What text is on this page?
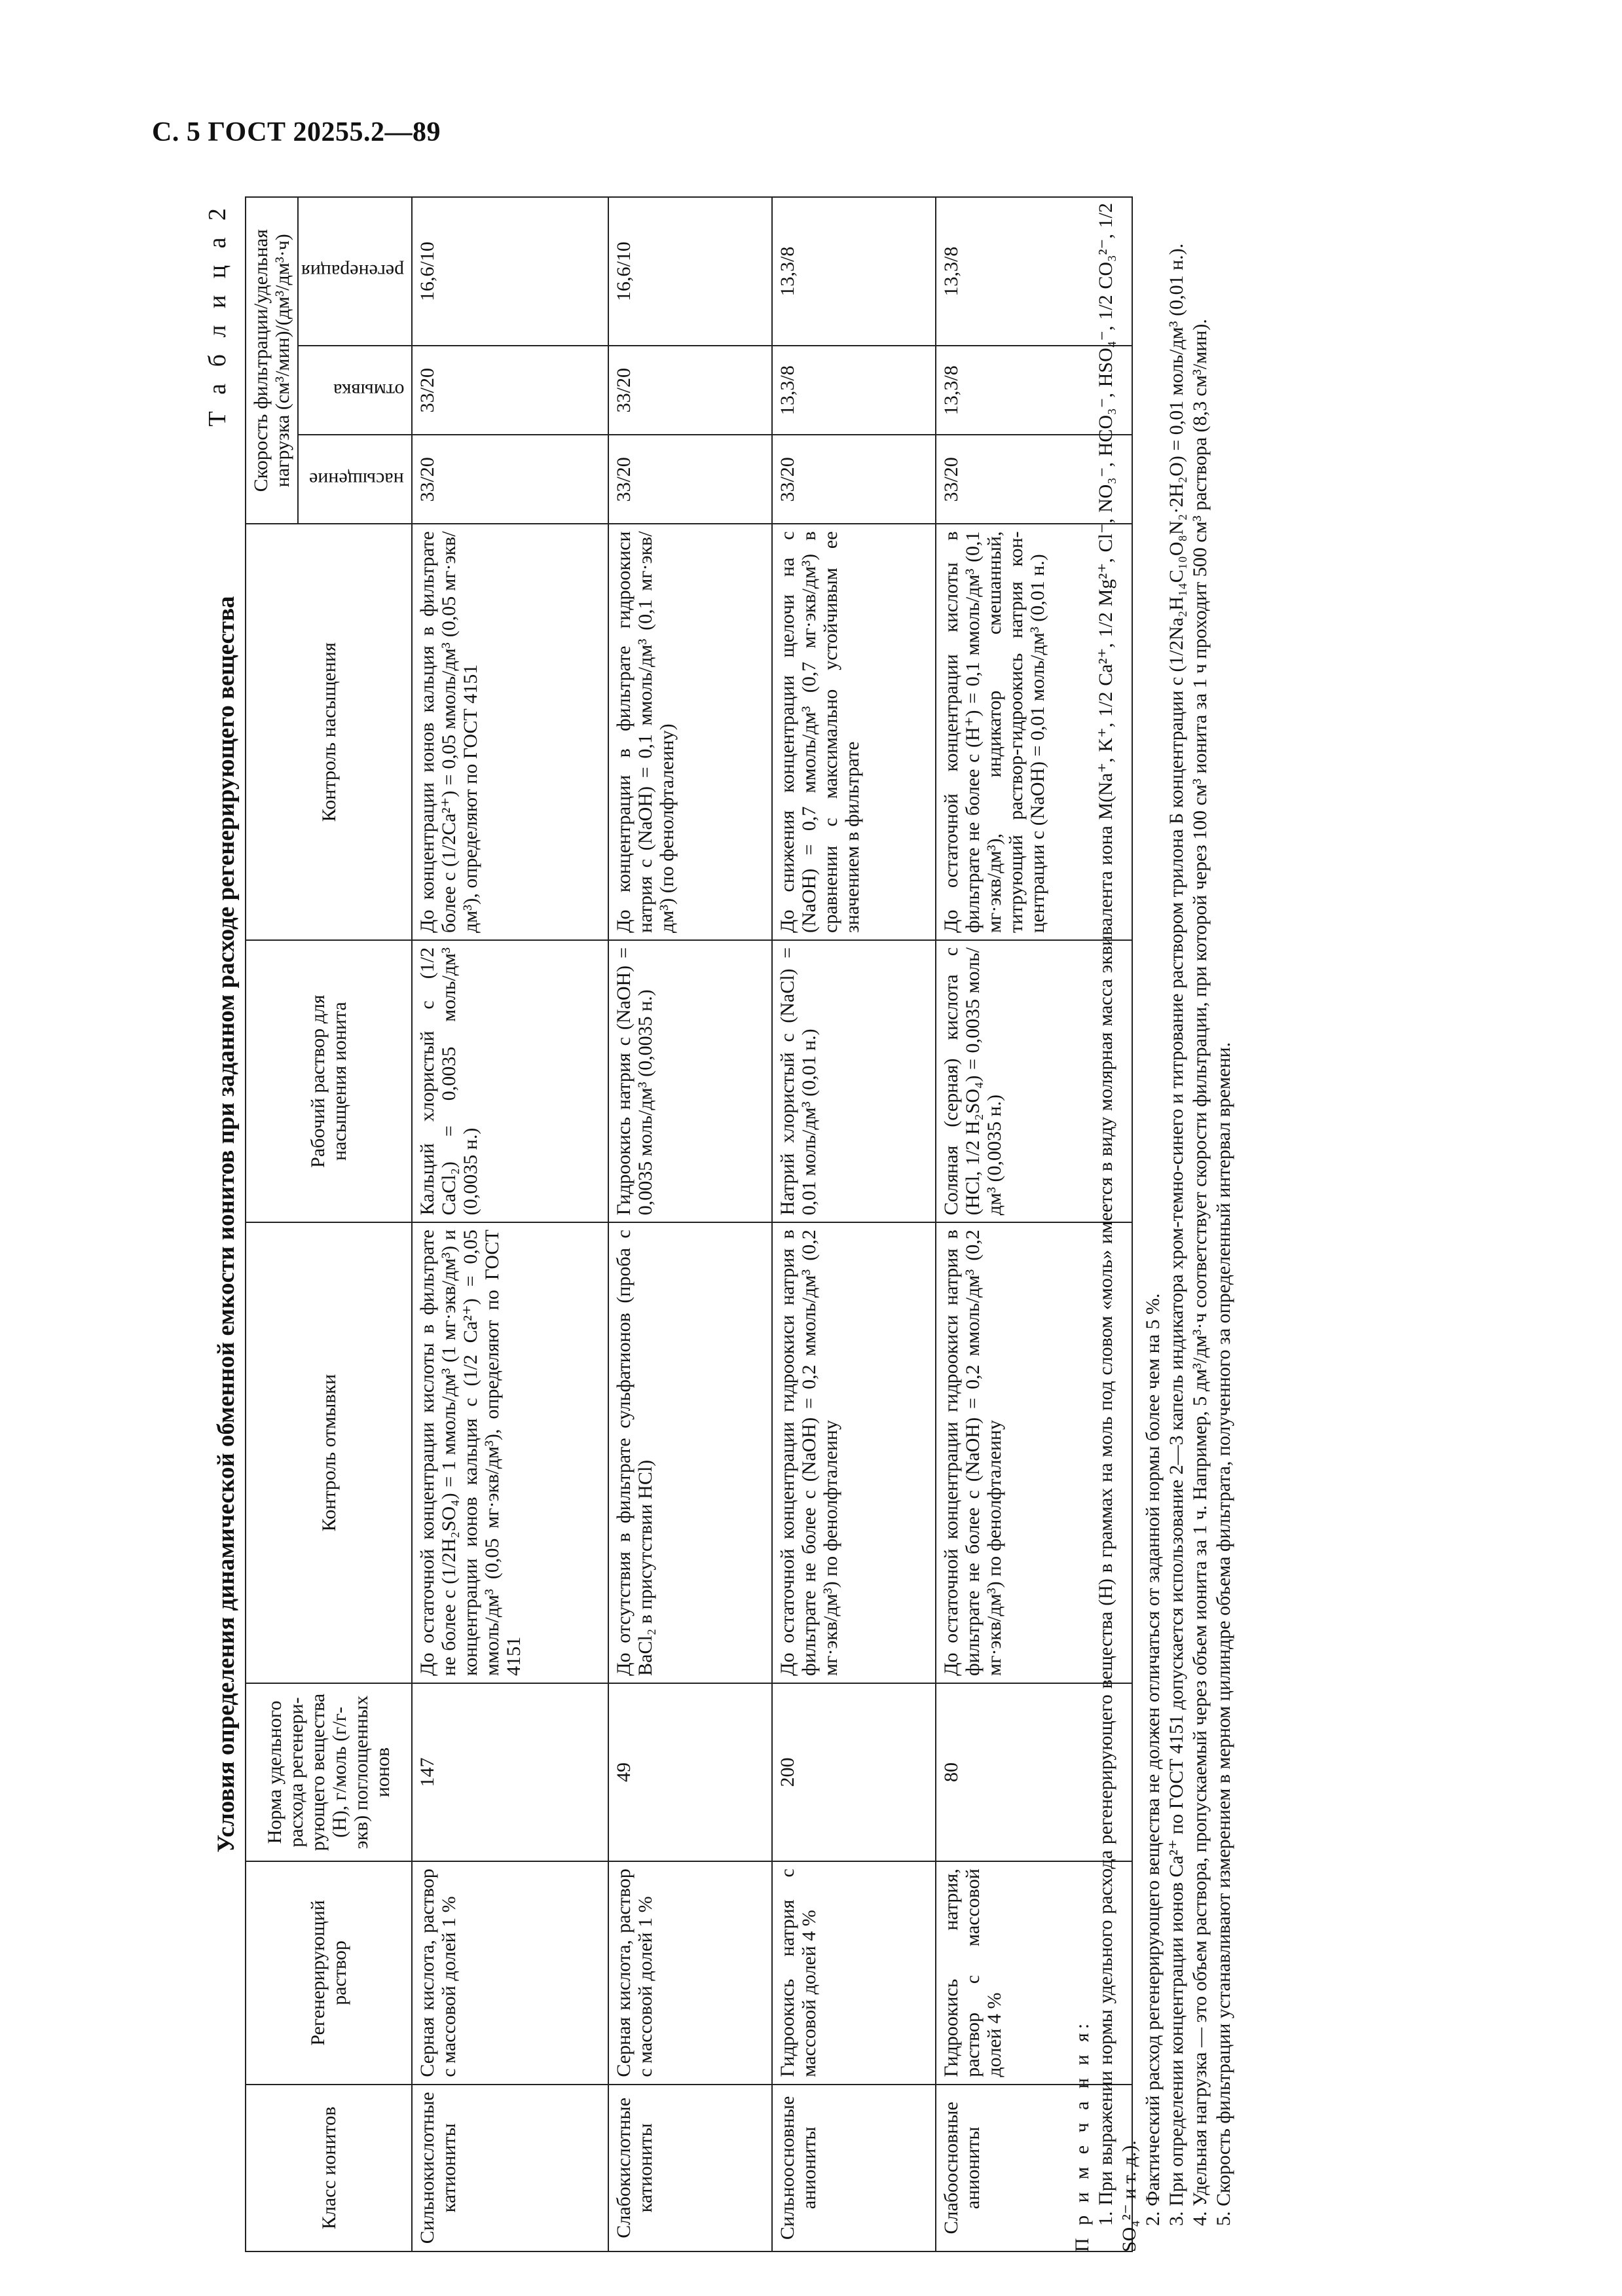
С. 5 ГОСТ 20255.2—89
Т а б л и ц а 2
Условия определения динамической обменной емкости ионитов при заданном расходе регенерирующего вещества
Класс ионитов	Регенерирующий раствор	Норма удельного расхода регенерирующего вещества (Н), г/моль (г/г-экв) поглощенных ионов	Контроль отмывки	Рабочий раствор для насыщения ионита	Контроль насыщения	Скорость фильтрации/удельная нагрузка (см³/мин)/(дм³/дм³·ч)		
						насыщение	отмывка	регенерация
Сильнокислотные катиониты	Серная кислота, раствор с массовой долей 1 %	147	До остаточной концентрации кислоты в фильтрате не более с (1/2H₂SO₄) = 1 ммоль/дм³ (1 мг·экв/дм³) и концентрации ионов кальция с (1/2 Ca²⁺) = 0,05 ммоль/дм³ (0,05 мг·экв/дм³), определяют по ГОСТ 4151	Кальций хлористый с (1/2 CaCl₂) = 0,0035 моль/дм³ (0,0035 н.)	До концентрации ионов кальция в фильтрате более с (1/2Ca²⁺) = 0,05 ммоль/дм³ (0,05 мг·экв/дм³), определяют по ГОСТ 4151	33/20	33/20	16,6/10
Слабокислотные катиониты	Серная кислота, раствор с массовой долей 1 %	49	До отсутствия в фильтрате сульфатионов (проба с BaCl₂ в присутствии HCl)	Гидроокись натрия с (NaOH) = 0,0035 моль/дм³ (0,0035 н.)	До концентрации в фильтрате гидроокиси натрия с (NaOH) = 0,1 ммоль/дм³ (0,1 мг·экв/дм³) (по фенолфталеину)	33/20	33/20	16,6/10
Сильноосновные аниониты	Гидроокись натрия с массовой долей 4 %	200	До остаточной концентрации гидроокиси натрия в фильтрате не более с (NaOH) = 0,2 ммоль/дм³ (0,2 мг·экв/дм³) по фенолфталеину	Натрий хлористый с (NaCl) = 0,01 моль/дм³ (0,01 н.)	До снижения концентрации щелочи на с (NaOH) = 0,7 ммоль/дм³ (0,7 мг·экв/дм³) в сравнении с максимально устойчивым ее значением в фильтрате	33/20	13,3/8	13,3/8
Слабоосновные аниониты	Гидроокись натрия, раствор с массовой долей 4 %	80	До остаточной концентрации гидроокиси натрия в фильтрате не более с (NaOH) = 0,2 ммоль/дм³ (0,2 мг·экв/дм³) по фенолфталеину	Соляная (серная) кислота с (HCl, 1/2 H₂SO₄) = 0,0035 моль/дм³ (0,0035 н.)	До остаточной концентрации кислоты в фильтрате не более с (H⁺) = 0,1 ммоль/дм³ (0,1 мг·экв/дм³), индикатор смешанный, титрующий раствор-гидроокись натрия концентрации с (NaOH) = 0,01 моль/дм³ (0,01 н.)	33/20	13,3/8	13,3/8

П р и м е ч а н и я: 1. При выражении нормы удельного расхода регенерирующего вещества (Н) в граммах на моль под словом «моль» имеется в виду молярная масса эквивалента иона M(Na⁺, K⁺, 1/2 Ca²⁺, 1/2 Mg²⁺, Cl⁻, NO₃⁻, HCO₃⁻, HSO₄⁻, 1/2 CO₃²⁻, 1/2 SO₄²⁻ и т. д.). 2. Фактический расход регенерирующего вещества не должен отличаться от заданной нормы более чем на 5 %. 3. При определении концентрации ионов Ca²⁺ по ГОСТ 4151 допускается использование 2—3 капель индикатора хром-темно-синего и титрование раствором трилона Б концентрации с (1/2Na₂H₁₄C₁₀O₈N₂·2H₂O) = 0,01 моль/дм³ (0,01 н.). 4. Удельная нагрузка — это объем раствора, пропускаемый через объем ионита за 1 ч. Например, 5 дм³/дм³·ч соответствует скорости фильтрации, при которой через 100 см³ ионита за 1 ч проходит 500 см³ раствора (8,3 см³/мин). 5. Скорость фильтрации устанавливают измерением в мерном цилиндре объема фильтрата, полученного за определенный интервал времени.
